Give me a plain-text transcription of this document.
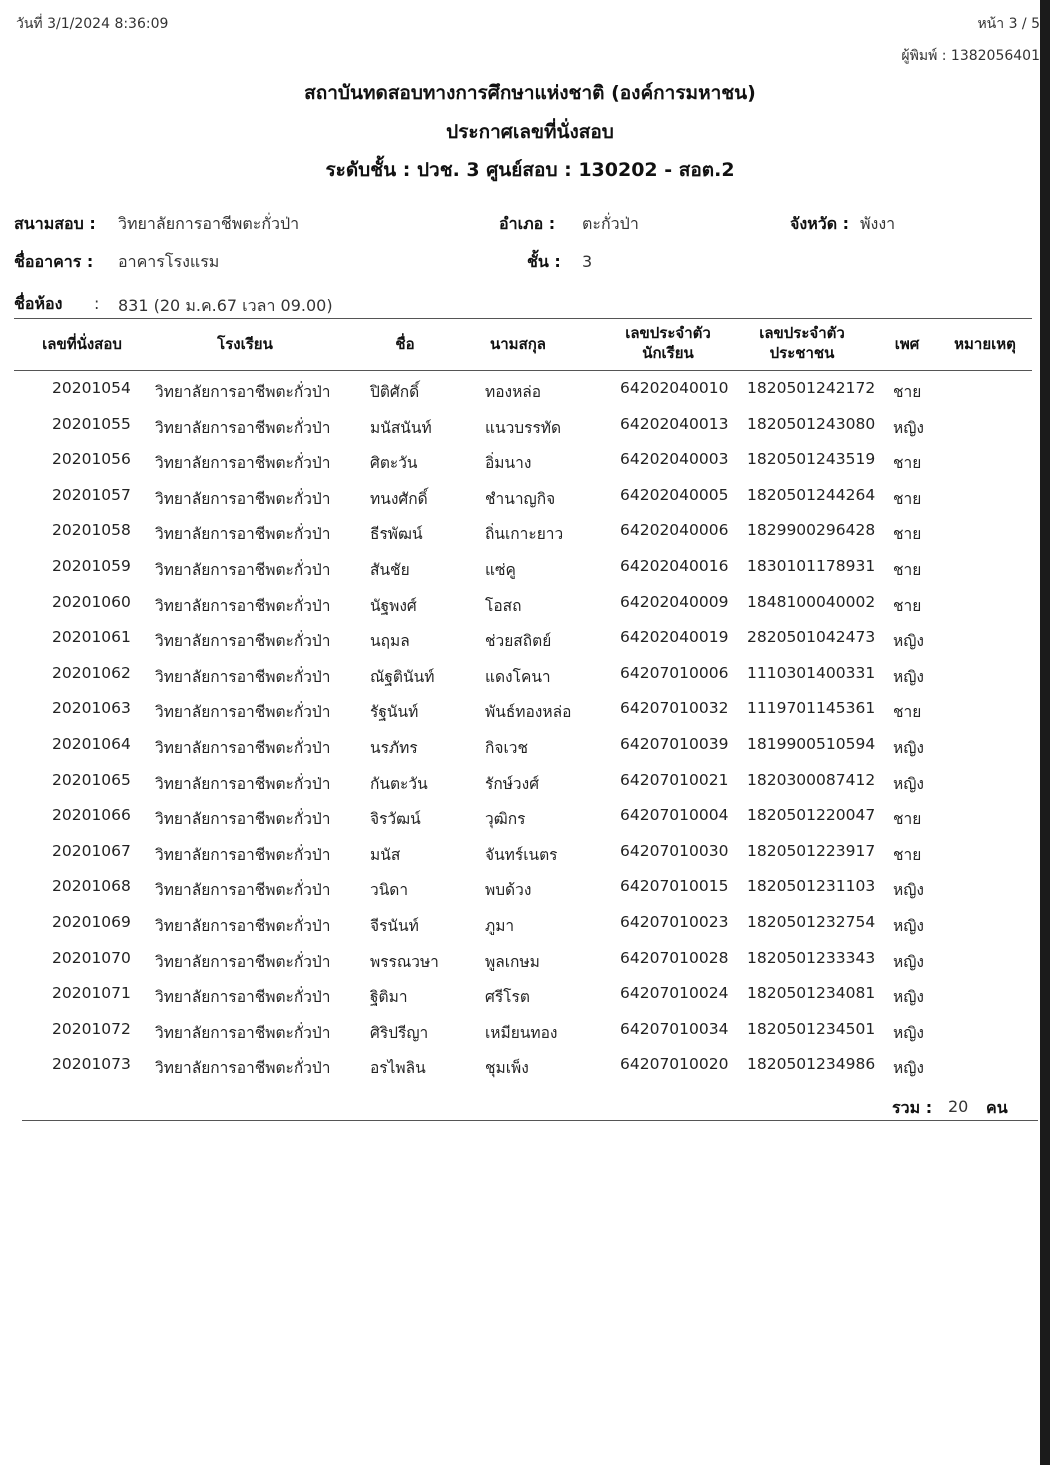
วันที่ 3/1/2024 8:36:09	หน้า 3 / 5
ผู้พิมพ์ : 1382056401
สถาบันทดสอบทางการศึกษาแห่งชาติ (องค์การมหาชน)
ประกาศเลขที่นั่งสอบ
ระดับชั้น : ปวช. 3 ศูนย์สอบ : 130202 - สอต.2
สนามสอบ : วิทยาลัยการอาชีพตะกั่วป่า	อำเภอ : ตะกั่วป่า	จังหวัด : พังงา
ชื่ออาคาร : อาคารโรงแรม	ชั้น : 3
ชื่อห้อง : 831 (20 ม.ค.67 เวลา 09.00)
เลขที่นั่งสอบ	โรงเรียน	ชื่อ	นามสกุล
เลขประจำตัว
นักเรียน
เลขประจำตัว
ประชาชน	เพศ	หมายเหตุ
20201054 วิทยาลัยการอาชีพตะกั่วป่า	ปิติศักดิ์	ทองหล่อ	64202040010 1820501242172 ชาย
20201055 วิทยาลัยการอาชีพตะกั่วป่า	มนัสนันท์	แนวบรรทัด	64202040013 1820501243080 หญิง
20201056 วิทยาลัยการอาชีพตะกั่วป่า	ศิตะวัน	อิ่มนาง	64202040003 1820501243519 ชาย
20201057 วิทยาลัยการอาชีพตะกั่วป่า	ทนงศักดิ์	ชำนาญกิจ	64202040005 1820501244264 ชาย
20201058 วิทยาลัยการอาชีพตะกั่วป่า	ธีรพัฒน์	ถิ่นเกาะยาว	64202040006 1829900296428 ชาย
20201059 วิทยาลัยการอาชีพตะกั่วป่า	สันชัย	แซ่คู	64202040016 1830101178931 ชาย
20201060 วิทยาลัยการอาชีพตะกั่วป่า	นัฐพงศ์	โอสถ	64202040009 1848100040002 ชาย
20201061 วิทยาลัยการอาชีพตะกั่วป่า	นฤมล	ช่วยสถิตย์	64202040019 2820501042473 หญิง
20201062 วิทยาลัยการอาชีพตะกั่วป่า	ณัฐตินันท์	แดงโคนา	64207010006 1110301400331 หญิง
20201063 วิทยาลัยการอาชีพตะกั่วป่า	รัฐนันท์	พันธ์ทองหล่อ	64207010032 1119701145361 ชาย
20201064 วิทยาลัยการอาชีพตะกั่วป่า	นรภัทร	กิจเวช	64207010039 1819900510594 หญิง
20201065 วิทยาลัยการอาชีพตะกั่วป่า	กันตะวัน	รักษ์วงศ์	64207010021 1820300087412 หญิง
20201066 วิทยาลัยการอาชีพตะกั่วป่า	จิรวัฒน์	วุฒิกร	64207010004 1820501220047 ชาย
20201067 วิทยาลัยการอาชีพตะกั่วป่า	มนัส	จันทร์เนตร	64207010030 1820501223917 ชาย
20201068 วิทยาลัยการอาชีพตะกั่วป่า	วนิดา	พบด้วง	64207010015 1820501231103 หญิง
20201069 วิทยาลัยการอาชีพตะกั่วป่า	จีรนันท์	ภูมา	64207010023 1820501232754 หญิง
20201070 วิทยาลัยการอาชีพตะกั่วป่า	พรรณวษา	พูลเกษม	64207010028 1820501233343 หญิง
20201071 วิทยาลัยการอาชีพตะกั่วป่า	ฐิติมา	ศรีโรต	64207010024 1820501234081 หญิง
20201072 วิทยาลัยการอาชีพตะกั่วป่า	ศิริปรีญา	เหมียนทอง	64207010034 1820501234501 หญิง
20201073 วิทยาลัยการอาชีพตะกั่วป่า	อรไพลิน	ชุมเพ็ง	64207010020 1820501234986 หญิง
รวม : 20 คน
